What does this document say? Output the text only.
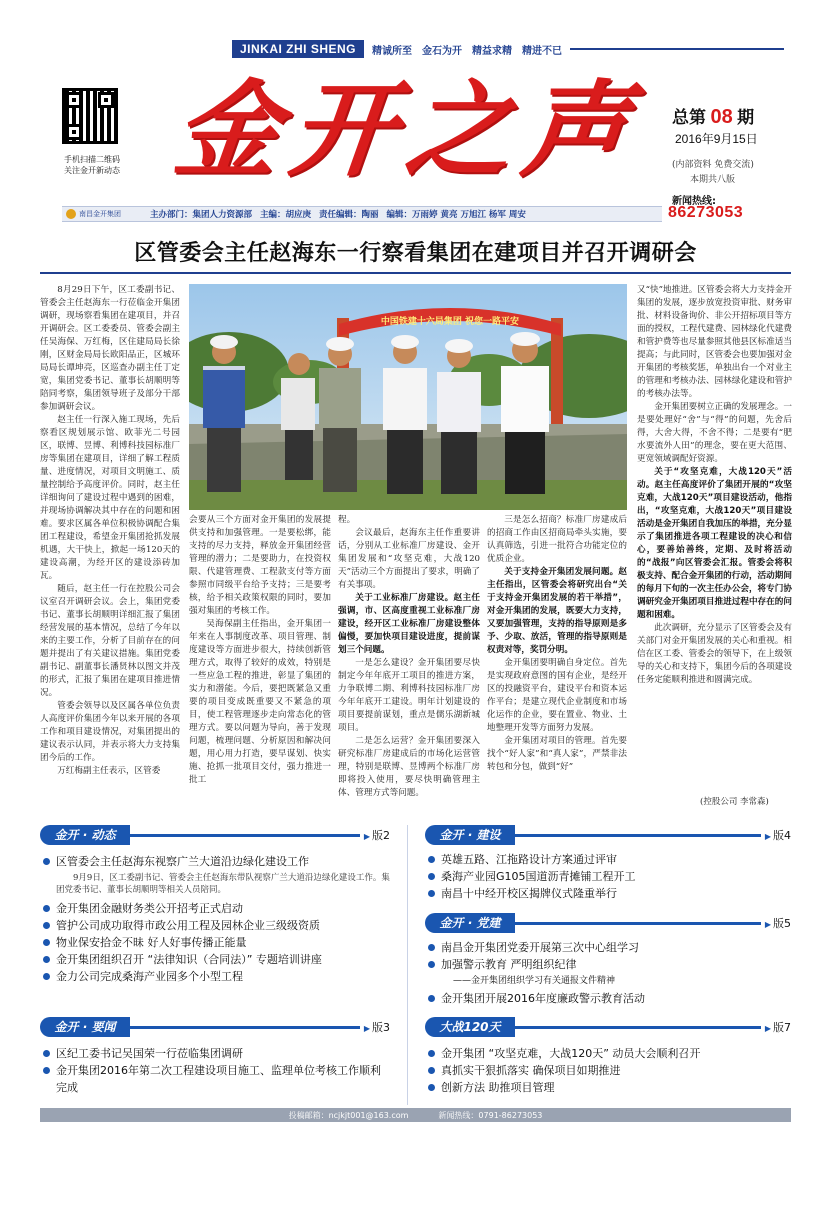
JINKAI ZHI SHENG	精诚所至 金石为开 精益求精 精进不已
手机扫描二维码
关注金开新动态 金开之声	总第 08 期
2016年9月15日
(内部资料 免费交流)
本期共八版
新闻热线:
86273053
南昌金开集团	主办部门：集团人力资源部 主编：胡应庚 责任编辑：陶丽 编辑：万雨婷 黄亮 万旭江 杨军 周安
区管委会主任赵海东一行察看集团在建项目并召开调研会
中国铁建十六局集团 祝您一路平安

8月29日下午，区工委副书记、管委会主任赵海东一行莅临金开集团调研，现场察看集团在建项目，并召开调研会。区工委委员、管委会副主任吴海保、万红梅，区住建局局长徐刚，区财金局局长欧阳品正，区城环局局长谭坤亮，区巡查办副主任丁定宽，集团党委书记、董事长胡顺明等陪同考察，集团领导班子及部分干部参加调研会议。

赵主任一行深入施工现场，先后察看区规划展示馆、欧菲光二号园区，联博、昱博、利博科技园标准厂房等集团在建项目，详细了解工程质量、进度情况，对项目文明施工、质量控制给予高度评价。同时，赵主任详细询问了建设过程中遇到的困难，并现场协调解决其中存在的问题和困难。要求区属各单位积极协调配合集团工程建设，希望金开集团抢抓发展机遇，大干快上，掀起一场120天的建设高潮，为经开区的建设添砖加瓦。

随后，赵主任一行在控股公司会议室召开调研会议。会上，集团党委书记、董事长胡顺明详细汇报了集团经营发展的基本情况，总结了今年以来的主要工作，分析了目前存在的问题并提出了有关建议措施。集团党委副书记、副董事长潘贤林以图文并茂的形式，汇报了集团在建项目推进情况。

管委会领导以及区属各单位负责人高度评价集团今年以来开展的各项工作和项目建设情况，对集团提出的建议表示认同，并表示将大力支持集团今后的工作。

万红梅副主任表示，区管委

会要从三个方面对金开集团的发展提供支持和加强管理。一是要松绑，能支持的尽力支持，释放金开集团经营管理的潜力；二是要助力，在投资权限、代建管理费、工程款支付等方面参照市同级平台给予支持；三是要考核，给予相关政策权限的同时，要加强对集团的考核工作。

吴海保副主任指出，金开集团一年来在人事制度改革、项目管理、制度建设等方面进步很大，持续创新管理方式，取得了较好的成效，特别是一些应急工程的推进，彰显了集团的实力和潜能。今后，要把既紧急又重要的项目变成既重要又不紧急的项目，使工程管理逐步走向常态化的管理方式。要以问题为导向，善于发现问题，梳理问题、分析原因和解决问题，用心用力打造，要早谋划、快实施、抢抓一批项目交付，强力推进一批工

程。

会议最后，赵海东主任作重要讲话，分别从工业标准厂房建设、金开集团发展和“攻坚克难，大战120天”活动三个方面提出了要求，明确了有关事项。

关于工业标准厂房建设。赵主任强调，市、区高度重视工业标准厂房建设，经开区工业标准厂房建设整体偏慢，要加快项目建设进度，提前谋划三个问题。

一是怎么建设？金开集团要尽快制定今年年底开工项目的推进方案，力争联博二期、利博科技园标准厂房今年年底开工建设。明年计划建设的项目要提前谋划，重点是儒乐湖新城项目。

二是怎么运营？金开集团要深入研究标准厂房建成后的市场化运营管理，特别是联博、昱博两个标准厂房即将投入使用，要尽快明确管理主体、管理方式等问题。

三是怎么招商？标准厂房建成后的招商工作由区招商局牵头实施，要认真筛选，引进一批符合功能定位的优质企业。

关于支持金开集团发展问题。赵主任指出，区管委会将研究出台“关于支持金开集团发展的若干举措”，对金开集团的发展，既要大力支持，又要加强管理，支持的指导原则是多予、少取、放活，管理的指导原则是权责对等，奖罚分明。

金开集团要明确自身定位。首先是实现政府意图的国有企业，是经开区的投融资平台，建设平台和资本运作平台；是建立现代企业制度和市场化运作的企业，要在置业、物业、土地整理开发等方面努力发展。

金开集团对项目的管理。首先要找个“好人家”和“真人家”，严禁非法转包和分包，做到“好”

又“快”地推进。区管委会将大力支持金开集团的发展，逐步放宽投资审批、财务审批、材料设备询价、非公开招标项目等方面的授权，工程代建费、园林绿化代建费和管护费等也尽量参照其他县区标准适当提高；与此同时，区管委会也要加强对金开集团的考核奖惩，单独出台一个对业主的管理和考核办法、园林绿化建设和管护的考核办法等。

金开集团要树立正确的发展理念。一是要处理好“舍”与“得”的问题，先舍后得，大舍大得，不舍不得；二是要有“肥水要流外人田”的理念，要在更大范围、更宽领域调配好资源。

关于“攻坚克难，大战120天”活动。赵主任高度评价了集团开展的“攻坚克难，大战120天”项目建设活动，他指出，“攻坚克难，大战120天”项目建设活动是金开集团自我加压的举措，充分显示了集团推进各项工程建设的决心和信心，要善始善终，定期、及时将活动的“战报”向区管委会汇报。管委会将积极支持、配合金开集团的行动，活动期间的每月下旬的一次主任办公会，将专门协调研究金开集团项目推进过程中存在的问题和困难。

此次调研，充分显示了区管委会及有关部门对金开集团发展的关心和重视。相信在区工委、管委会的领导下，在上级领导的关心和支持下，集团今后的各项建设任务定能顺利推进和圆满完成。

(控股公司 李常森)
金开 · 动态	▶ 版2
区管委会主任赵海东视察广兰大道沿边绿化建设工作
9月9日，区工委副书记、管委会主任赵海东带队视察广兰大道沿边绿化建设工作。集团党委书记、董事长胡顺明等相关人员陪同。
金开集团金融财务类公开招考正式启动
管护公司成功取得市政公用工程及园林企业三级级资质
物业保安拾金不昧 好人好事传播正能量
金开集团组织召开 “法律知识（合同法）” 专题培训讲座
金力公司完成桑海产业园多个小型工程
金开 · 建设	▶ 版4
英雄五路、江拖路设计方案通过评审
桑海产业园G105国道沥青摊铺工程开工
南昌十中经开校区揭牌仪式隆重举行
金开 · 党建	▶ 版5
南昌金开集团党委开展第三次中心组学习
加强警示教育 严明组织纪律
——金开集团组织学习有关通报文件精神
金开集团开展2016年度廉政警示教育活动
金开 · 要闻	▶ 版3
区纪工委书记吴国荣一行莅临集团调研
金开集团2016年第二次工程建设项目施工、监理单位考核工作顺利完成
大战120天	▶ 版7
金开集团 “攻坚克难，大战120天” 动员大会顺利召开
真抓实干狠抓落实 确保项目如期推进
创新方法 助推项目管理
投稿邮箱：ncjkjt001@163.com	新闻热线：0791-86273053
